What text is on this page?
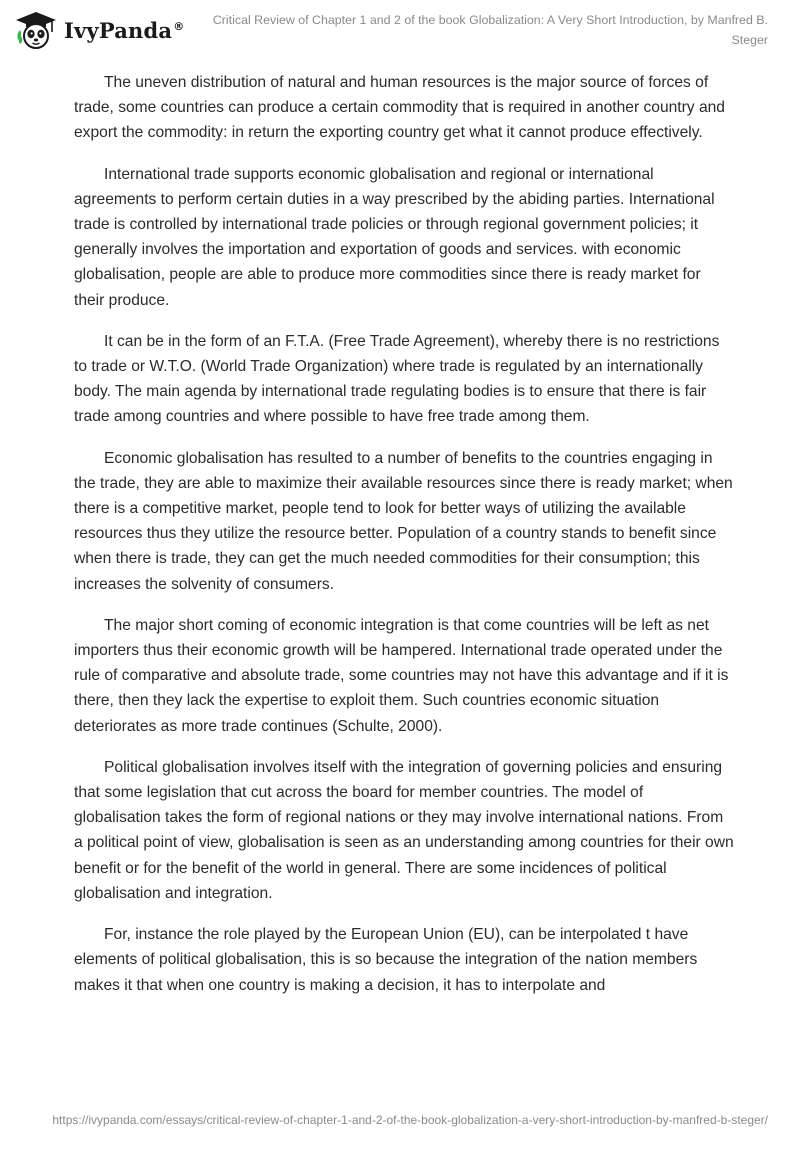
IvyPanda®	Critical Review of Chapter 1 and 2 of the book Globalization: A Very Short Introduction, by Manfred B. Steger

The uneven distribution of natural and human resources is the major source of forces of trade, some countries can produce a certain commodity that is required in another country and export the commodity: in return the exporting country get what it cannot produce effectively.

International trade supports economic globalisation and regional or international agreements to perform certain duties in a way prescribed by the abiding parties. International trade is controlled by international trade policies or through regional government policies; it generally involves the importation and exportation of goods and services. with economic globalisation, people are able to produce more commodities since there is ready market for their produce.

It can be in the form of an F.T.A. (Free Trade Agreement), whereby there is no restrictions to trade or W.T.O. (World Trade Organization) where trade is regulated by an internationally body. The main agenda by international trade regulating bodies is to ensure that there is fair trade among countries and where possible to have free trade among them.

Economic globalisation has resulted to a number of benefits to the countries engaging in the trade, they are able to maximize their available resources since there is ready market; when there is a competitive market, people tend to look for better ways of utilizing the available resources thus they utilize the resource better. Population of a country stands to benefit since when there is trade, they can get the much needed commodities for their consumption; this increases the solvenity of consumers.

The major short coming of economic integration is that come countries will be left as net importers thus their economic growth will be hampered. International trade operated under the rule of comparative and absolute trade, some countries may not have this advantage and if it is there, then they lack the expertise to exploit them. Such countries economic situation deteriorates as more trade continues (Schulte, 2000).

Political globalisation involves itself with the integration of governing policies and ensuring that some legislation that cut across the board for member countries. The model of globalisation takes the form of regional nations or they may involve international nations. From a political point of view, globalisation is seen as an understanding among countries for their own benefit or for the benefit of the world in general. There are some incidences of political globalisation and integration.

For, instance the role played by the European Union (EU), can be interpolated t have elements of political globalisation, this is so because the integration of the nation members makes it that when one country is making a decision, it has to interpolate and

https://ivypanda.com/essays/critical-review-of-chapter-1-and-2-of-the-book-globalization-a-very-short-introduction-by-manfred-b-steger/
